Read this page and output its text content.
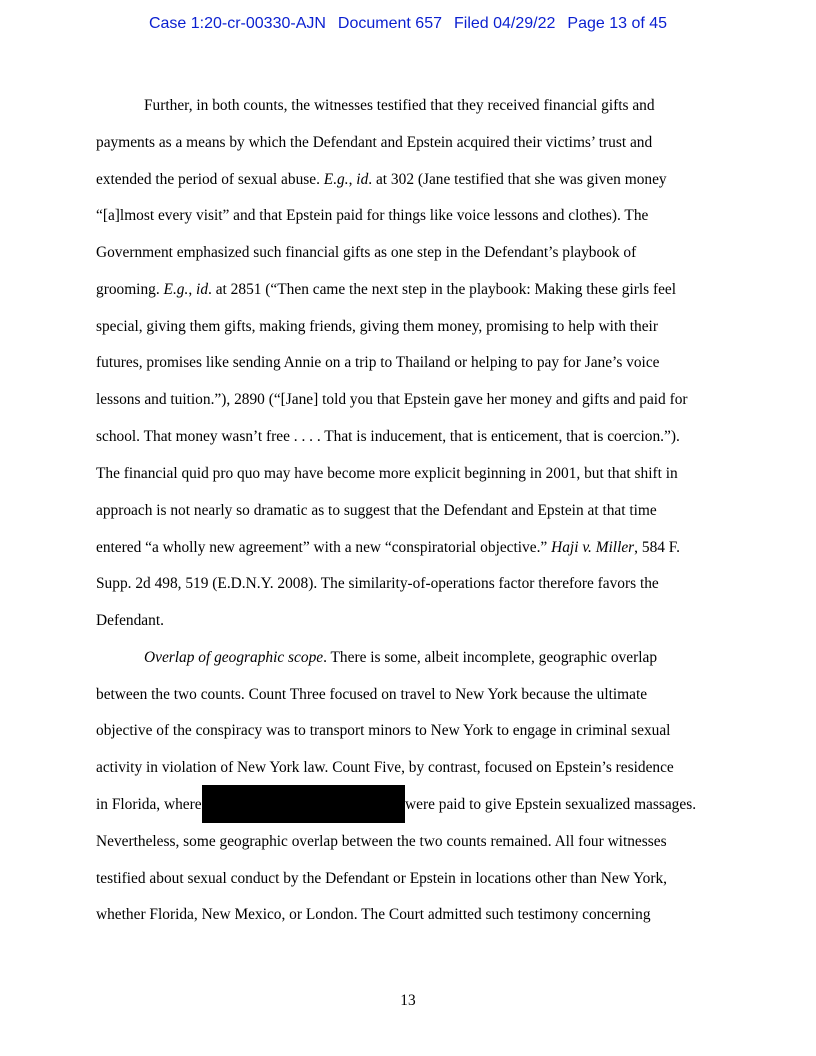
Case 1:20-cr-00330-AJN Document 657 Filed 04/29/22 Page 13 of 45
Further, in both counts, the witnesses testified that they received financial gifts and
payments as a means by which the Defendant and Epstein acquired their victims’ trust and
extended the period of sexual abuse. E.g., id. at 302 (Jane testified that she was given money
“[a]lmost every visit” and that Epstein paid for things like voice lessons and clothes). The
Government emphasized such financial gifts as one step in the Defendant’s playbook of
grooming. E.g., id. at 2851 (“Then came the next step in the playbook: Making these girls feel
special, giving them gifts, making friends, giving them money, promising to help with their
futures, promises like sending Annie on a trip to Thailand or helping to pay for Jane’s voice
lessons and tuition.”), 2890 (“[Jane] told you that Epstein gave her money and gifts and paid for
school. That money wasn’t free . . . . That is inducement, that is enticement, that is coercion.”).
The financial quid pro quo may have become more explicit beginning in 2001, but that shift in
approach is not nearly so dramatic as to suggest that the Defendant and Epstein at that time
entered “a wholly new agreement” with a new “conspiratorial objective.” Haji v. Miller, 584 F.
Supp. 2d 498, 519 (E.D.N.Y. 2008). The similarity-of-operations factor therefore favors the
Defendant.
Overlap of geographic scope. There is some, albeit incomplete, geographic overlap
between the two counts. Count Three focused on travel to New York because the ultimate
objective of the conspiracy was to transport minors to New York to engage in criminal sexual
activity in violation of New York law. Count Five, by contrast, focused on Epstein’s residence
in Florida, where	were paid to give Epstein sexualized massages.
Nevertheless, some geographic overlap between the two counts remained. All four witnesses
testified about sexual conduct by the Defendant or Epstein in locations other than New York,
whether Florida, New Mexico, or London. The Court admitted such testimony concerning
13
